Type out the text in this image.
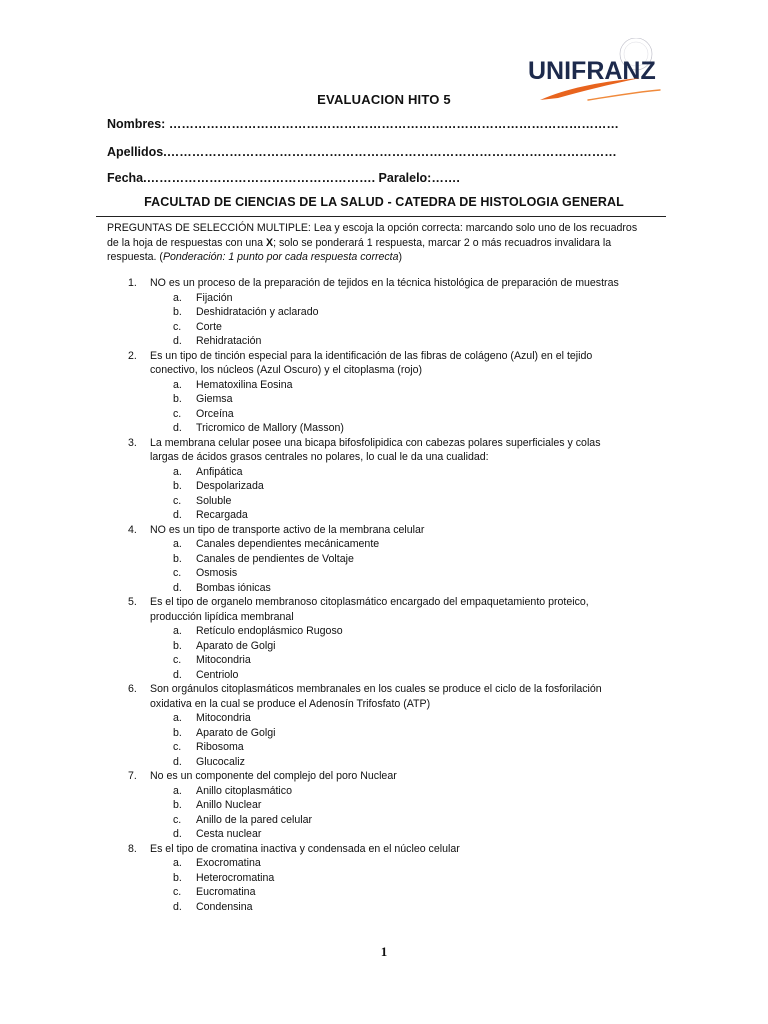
UNIFRANZ
EVALUACION HITO 5
Nombres: ………………………………………………………………………………………………
Apellidos.………………………………………………………………………………………………
Fecha.………………………………………………. Paralelo:…….
FACULTAD DE CIENCIAS DE LA SALUD - CATEDRA DE HISTOLOGIA GENERAL
PREGUNTAS DE SELECCIÓN MULTIPLE: Lea y escoja la opción correcta: marcando solo uno de los recuadros de la hoja de respuestas con una X; solo se ponderará 1 respuesta, marcar 2 o más recuadros invalidara la respuesta. (Ponderación: 1 punto por cada respuesta correcta)
1. NO es un proceso de la preparación de tejidos en la técnica histológica de preparación de muestras
a. Fijación
b. Deshidratación y aclarado
c. Corte
d. Rehidratación
2. Es un tipo de tinción especial para la identificación de las fibras de colágeno (Azul) en el tejido
conectivo, los núcleos (Azul Oscuro) y el citoplasma (rojo)
a. Hematoxilina Eosina
b. Giemsa
c. Orceína
d. Tricromico de Mallory (Masson)
3. La membrana celular posee una bicapa bifosfolipidica con cabezas polares superficiales y colas
largas de ácidos grasos centrales no polares, lo cual le da una cualidad:
a. Anfipática
b. Despolarizada
c. Soluble
d. Recargada
4. NO es un tipo de transporte activo de la membrana celular
a. Canales dependientes mecánicamente
b. Canales de pendientes de Voltaje
c. Osmosis
d. Bombas iónicas
5. Es el tipo de organelo membranoso citoplasmático encargado del empaquetamiento proteico,
producción lipídica membranal
a. Retículo endoplásmico Rugoso
b. Aparato de Golgi
c. Mitocondria
d. Centriolo
6. Son orgánulos citoplasmáticos membranales en los cuales se produce el ciclo de la fosforilación
oxidativa en la cual se produce el Adenosín Trifosfato (ATP)
a. Mitocondria
b. Aparato de Golgi
c. Ribosoma
d. Glucocaliz
7. No es un componente del complejo del poro Nuclear
a. Anillo citoplasmático
b. Anillo Nuclear
c. Anillo de la pared celular
d. Cesta nuclear
8. Es el tipo de cromatina inactiva y condensada en el núcleo celular
a. Exocromatina
b. Heterocromatina
c. Eucromatina
d. Condensina
1
